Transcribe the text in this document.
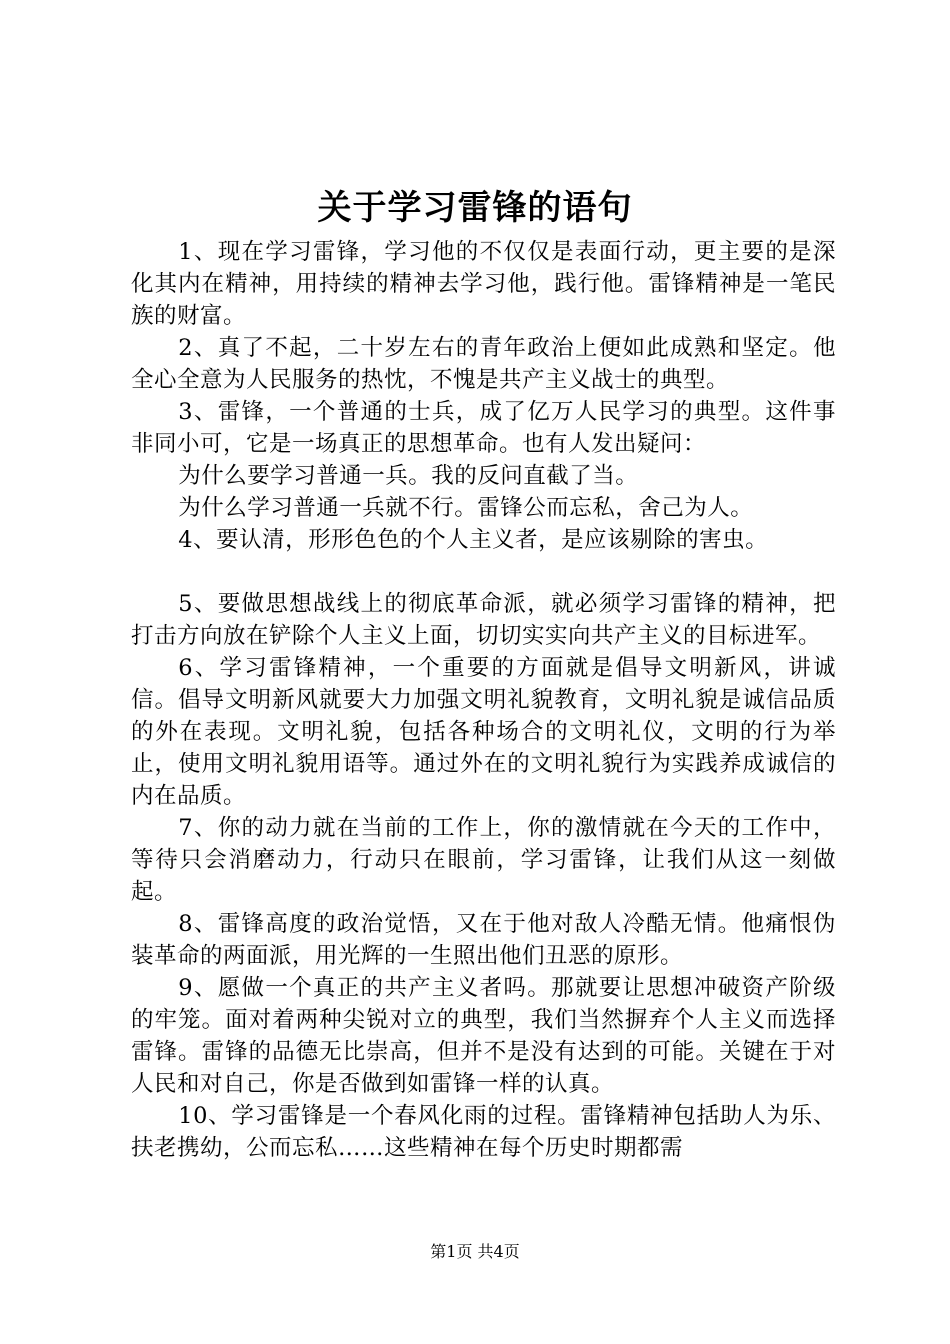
关于学习雷锋的语句

1、现在学习雷锋，学习他的不仅仅是表面行动，更主要的是深化其内在精神，用持续的精神去学习他，践行他。雷锋精神是一笔民族的财富。

2、真了不起，二十岁左右的青年政治上便如此成熟和坚定。他全心全意为人民服务的热忱，不愧是共产主义战士的典型。

3、雷锋，一个普通的士兵，成了亿万人民学习的典型。这件事非同小可，它是一场真正的思想革命。也有人发出疑问：

为什么要学习普通一兵。我的反问直截了当。

为什么学习普通一兵就不行。雷锋公而忘私，舍己为人。

4、要认清，形形色色的个人主义者，是应该剔除的害虫。

5、要做思想战线上的彻底革命派，就必须学习雷锋的精神，把打击方向放在铲除个人主义上面，切切实实向共产主义的目标进军。

6、学习雷锋精神，一个重要的方面就是倡导文明新风，讲诚信。倡导文明新风就要大力加强文明礼貌教育，文明礼貌是诚信品质的外在表现。文明礼貌，包括各种场合的文明礼仪，文明的行为举止，使用文明礼貌用语等。通过外在的文明礼貌行为实践养成诚信的内在品质。

7、你的动力就在当前的工作上，你的激情就在今天的工作中，等待只会消磨动力，行动只在眼前，学习雷锋，让我们从这一刻做起。

8、雷锋高度的政治觉悟，又在于他对敌人冷酷无情。他痛恨伪装革命的两面派，用光辉的一生照出他们丑恶的原形。

9、愿做一个真正的共产主义者吗。那就要让思想冲破资产阶级的牢笼。面对着两种尖锐对立的典型，我们当然摒弃个人主义而选择雷锋。雷锋的品德无比崇高，但并不是没有达到的可能。关键在于对人民和对自己，你是否做到如雷锋一样的认真。

10、学习雷锋是一个春风化雨的过程。雷锋精神包括助人为乐、扶老携幼，公而忘私……这些精神在每个历史时期都需

第1页 共4页
